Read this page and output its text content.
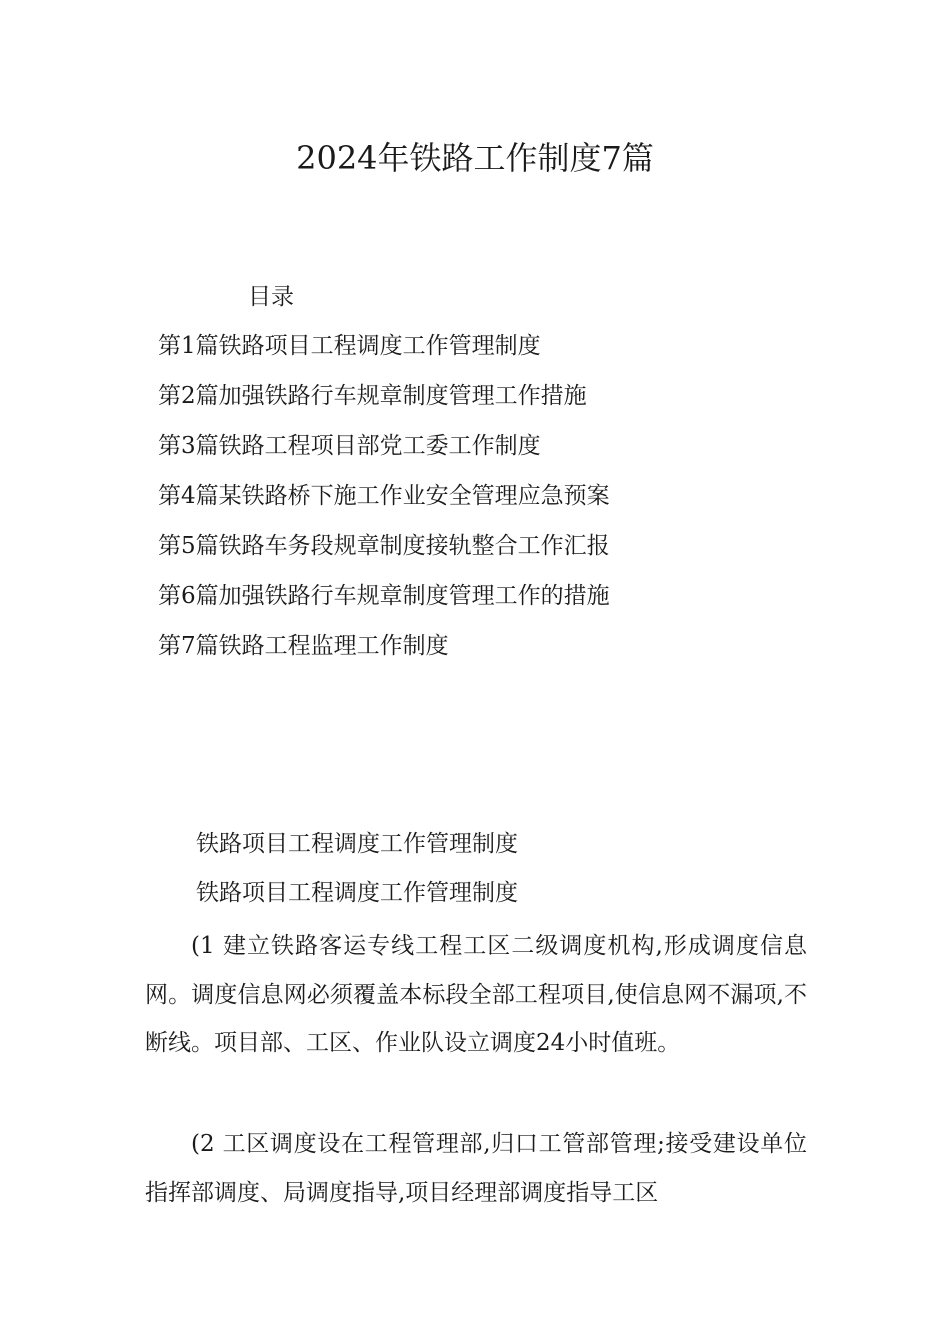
2024年铁路工作制度7篇
目录
第1篇铁路项目工程调度工作管理制度
第2篇加强铁路行车规章制度管理工作措施
第3篇铁路工程项目部党工委工作制度
第4篇某铁路桥下施工作业安全管理应急预案
第5篇铁路车务段规章制度接轨整合工作汇报
第6篇加强铁路行车规章制度管理工作的措施
第7篇铁路工程监理工作制度
铁路项目工程调度工作管理制度
铁路项目工程调度工作管理制度

(1 建立铁路客运专线工程工区二级调度机构,形成调度信息网。调度信息网必须覆盖本标段全部工程项目,使信息网不漏项,不断线。项目部、工区、作业队设立调度24小时值班。

(2 工区调度设在工程管理部,归口工管部管理;接受建设单位指挥部调度、局调度指导,项目经理部调度指导工区
